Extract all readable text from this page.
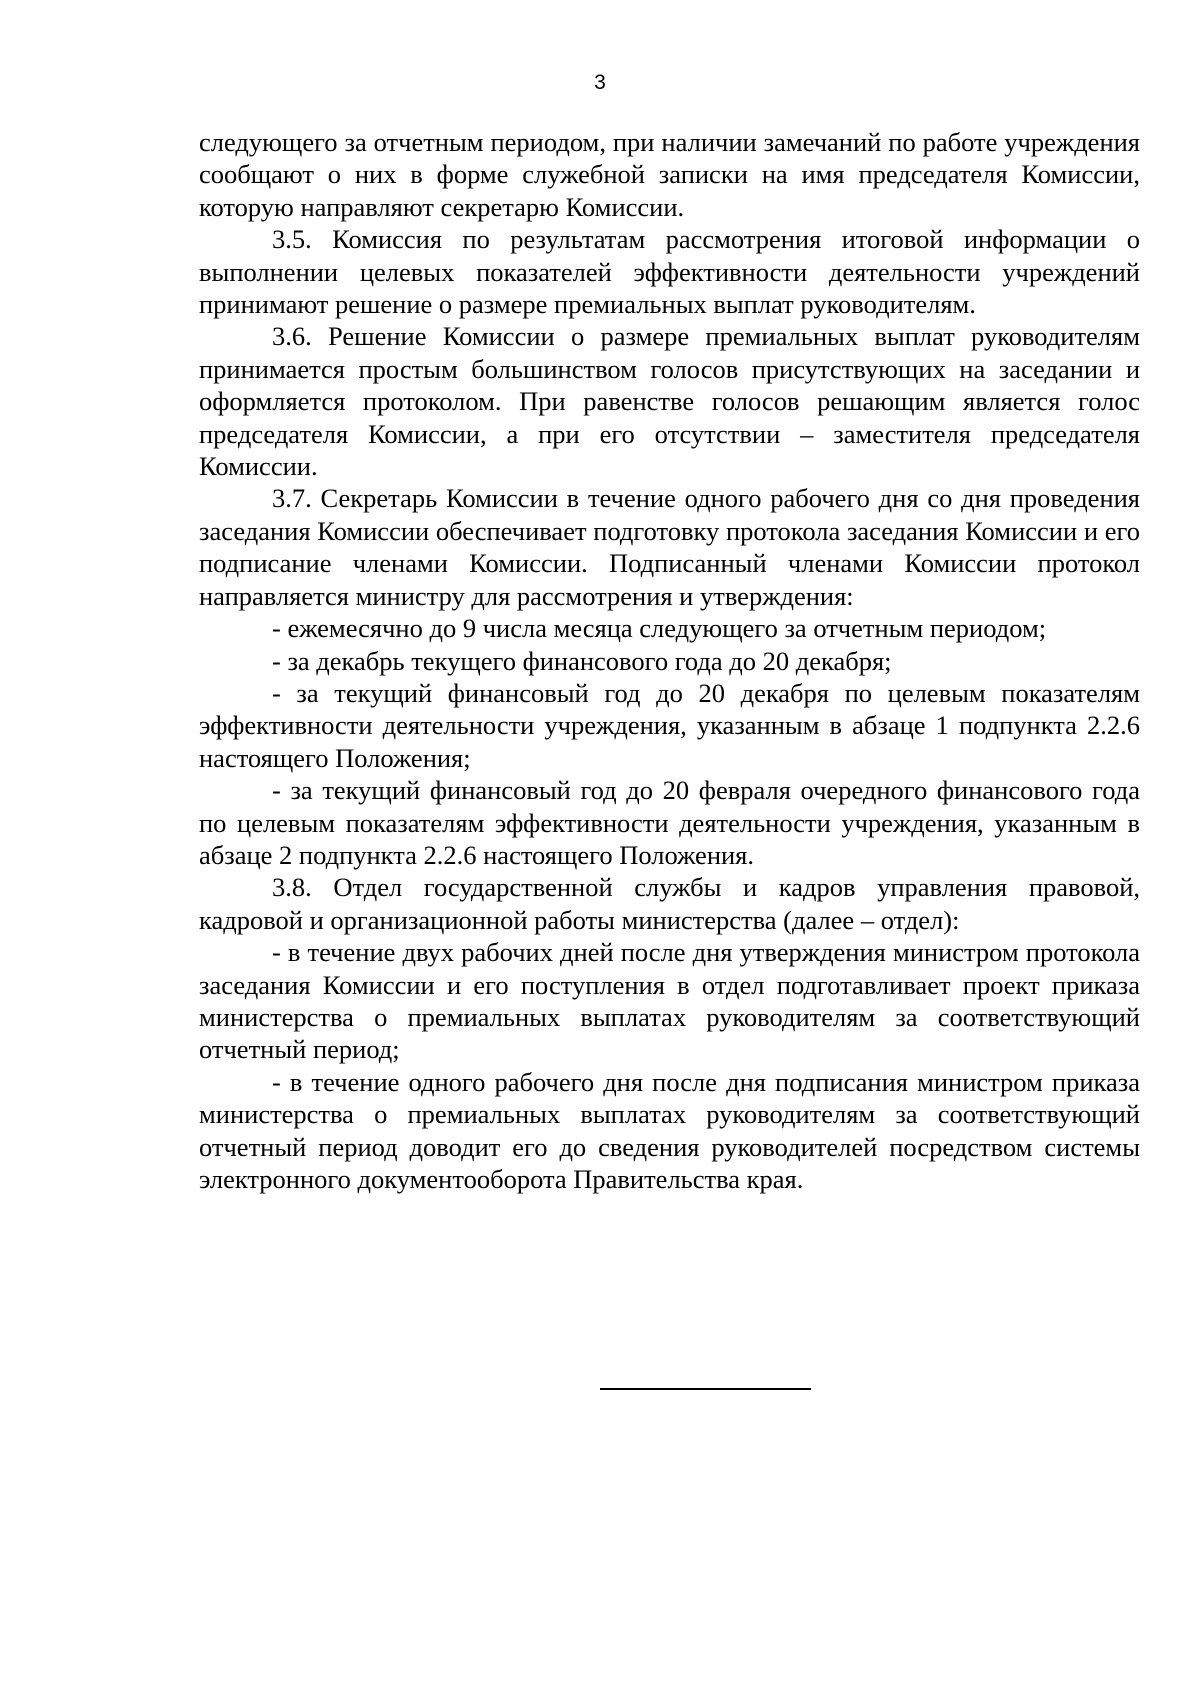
3

следующего за отчетным периодом, при наличии замечаний по работе учреждения сообщают о них в форме служебной записки на имя председателя Комиссии, которую направляют секретарю Комиссии.

3.5. Комиссия по результатам рассмотрения итоговой информации о выполнении целевых показателей эффективности деятельности учреждений принимают решение о размере премиальных выплат руководителям.

3.6. Решение Комиссии о размере премиальных выплат руководителям принимается простым большинством голосов присутствующих на заседании и оформляется протоколом. При равенстве голосов решающим является голос председателя Комиссии, а при его отсутствии – заместителя председателя Комиссии.

3.7. Секретарь Комиссии в течение одного рабочего дня со дня проведения заседания Комиссии обеспечивает подготовку протокола заседания Комиссии и его подписание членами Комиссии. Подписанный членами Комиссии протокол направляется министру для рассмотрения и утверждения:

- ежемесячно до 9 числа месяца следующего за отчетным периодом;

- за декабрь текущего финансового года до 20 декабря;

- за текущий финансовый год до 20 декабря по целевым показателям эффективности деятельности учреждения, указанным в абзаце 1 подпункта 2.2.6 настоящего Положения;

- за текущий финансовый год до 20 февраля очередного финансового года по целевым показателям эффективности деятельности учреждения, указанным в абзаце 2 подпункта 2.2.6 настоящего Положения.

3.8. Отдел государственной службы и кадров управления правовой, кадровой и организационной работы министерства (далее – отдел):

- в течение двух рабочих дней после дня утверждения министром протокола заседания Комиссии и его поступления в отдел подготавливает проект приказа министерства о премиальных выплатах руководителям за соответствующий отчетный период;

- в течение одного рабочего дня после дня подписания министром приказа министерства о премиальных выплатах руководителям за соответствующий отчетный период доводит его до сведения руководителей посредством системы электронного документооборота Правительства края.
